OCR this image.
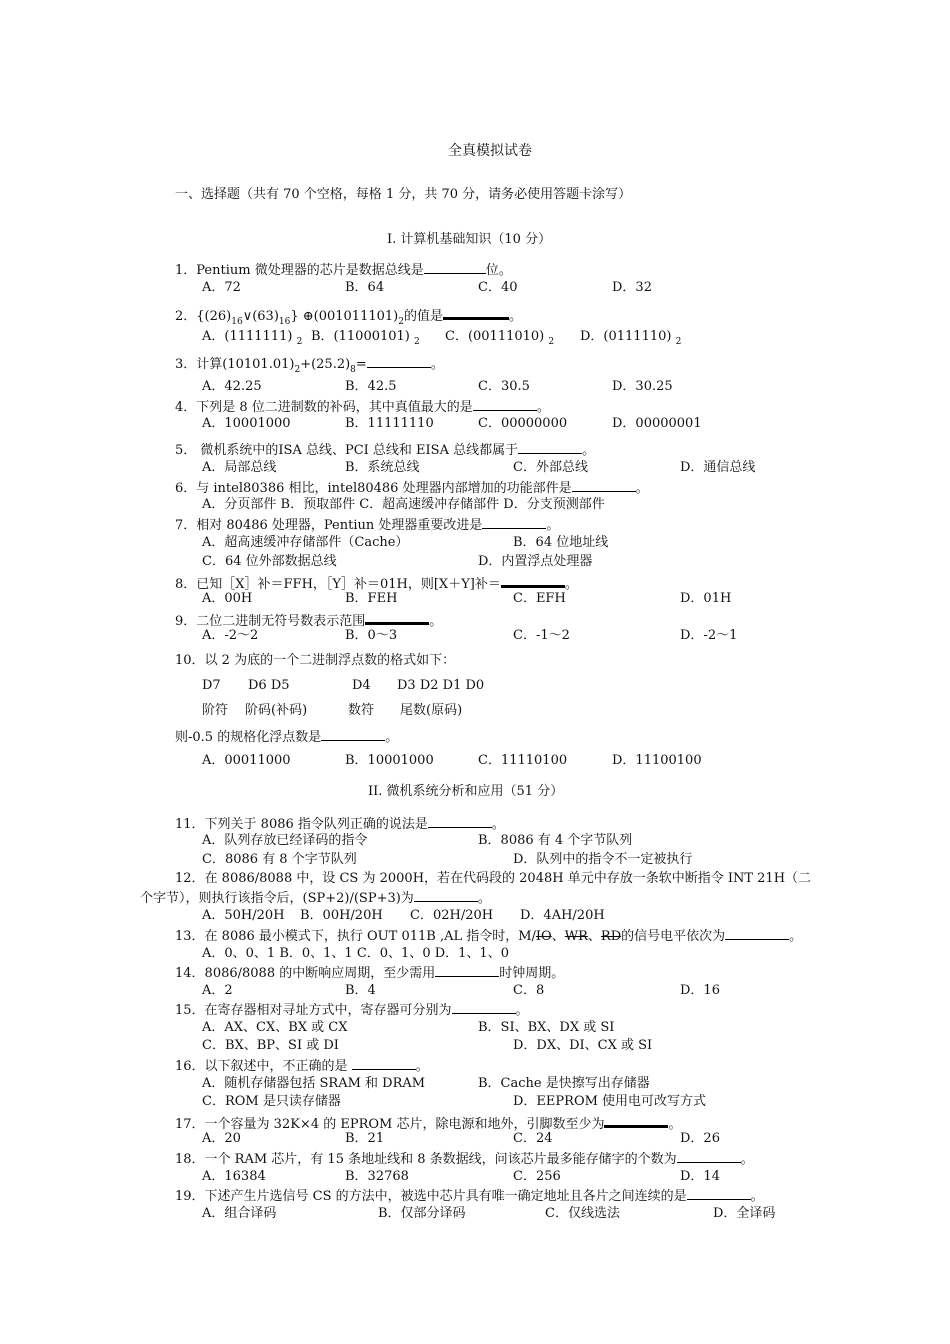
全真模拟试卷
一、选择题（共有 70 个空格，每格 1 分，共 70 分，请务必使用答题卡涂写）
I. 计算机基础知识（10 分）
1．Pentium 微处理器的芯片是数据总线是	位。
A．72	B．64	C．40	D．32
2．$\{(26)_{16}\vee(63)_{16}\}$ $\oplus(001011101)_2$的值是	。
A．(1111111) $_2$ B．(11000101) $_2$ C．(00111010) $_2$ D．(0111110) $_2$
3．计算$(10101.01)_2+(25.2)_8=$	。
A．42.25	B．42.5	C．30.5	D．30.25
4．下列是 8 位二进制数的补码，其中真值最大的是	。
A．10001000	B．11111110	C．00000000	D．00000001
5． 微机系统中的ISA 总线、PCI 总线和 EISA 总线都属于	。
A．局部总线	B．系统总线	C．外部总线	D．通信总线
6．与 intel80386 相比，intel80486 处理器内部增加的功能部件是	。
A．分页部件 B．预取部件 C．超高速缓冲存储部件 D．分支预测部件
7．相对 80486 处理器，Pentiun 处理器重要改进是	。
A．超高速缓冲存储部件（Cache）	B．64 位地址线
C．64 位外部数据总线	D．内置浮点处理器
8．已知［X］补＝FFH，［Y］补＝01H，则[X＋Y]补＝	。
A．00H	B．FEH	C．EFH	D．01H
9．二位二进制无符号数表示范围	。
A．-2～2	B．0～3	C．-1～2	D．-2～1
10．以 2 为底的一个二进制浮点数的格式如下：
D7 D6 D5	D4 D3 D2 D1 D0
阶符 阶码(补码)	数符 尾数(原码)
则-0.5 的规格化浮点数是	。
A．00011000	B．10001000	C．11110100	D．11100100
II. 微机系统分析和应用（51 分）
11．下列关于 8086 指令队列正确的说法是	。
A．队列存放已经译码的指令	B．8086 有 4 个字节队列
C．8086 有 8 个字节队列	D．队列中的指令不一定被执行
12．在 8086/8088 中，设 CS 为 2000H，若在代码段的 2048H 单元中存放一条软中断指令 INT 21H（二
个字节），则执行该指令后，(SP+2)/(SP+3)为	。
A．50H/20H B．00H/20H C．02H/20H D．4AH/20H
13．在 8086 最小模式下，执行 OUT 011B ,AL 指令时，M/IO、WR、RD的信号电平依次为	。
A．0、0、1 B．0、1、1 C．0、1、0 D．1、1、0
14．8086/8088 的中断响应周期，至少需用	时钟周期。
A．2	B．4	C．8	D．16
15．在寄存器相对寻址方式中，寄存器可分别为	。
A．AX、CX、BX 或 CX	B．SI、BX、DX 或 SI
C．BX、BP、SI 或 DI	D．DX、DI、CX 或 SI
16．以下叙述中，不正确的是	。
A．随机存储器包括 SRAM 和 DRAM	B．Cache 是快擦写出存储器
C．ROM 是只读存储器	D．EEPROM 使用电可改写方式
17．一个容量为 32K×4 的 EPROM 芯片，除电源和地外，引脚数至少为	。
A．20	B．21	C．24	D．26
18．一个 RAM 芯片，有 15 条地址线和 8 条数据线，问该芯片最多能存储字的个数为	。
A．16384	B．32768	C．256	D．14
19．下述产生片选信号 CS 的方法中，被选中芯片具有唯一确定地址且各片之间连续的是	。
A．组合译码	B．仅部分译码	C．仅线选法	D．全译码
